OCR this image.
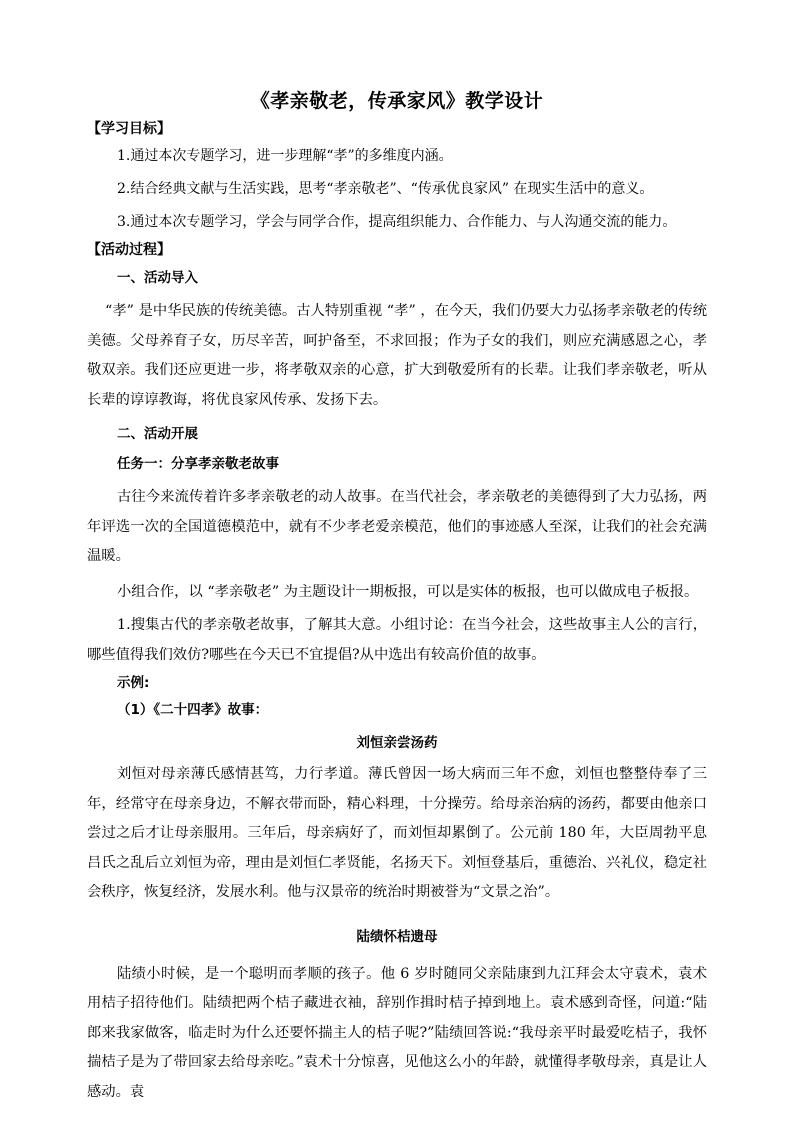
《孝亲敬老，传承家风》教学设计
【学习目标】
1.通过本次专题学习，进一步理解“孝”的多维度内涵。
2.结合经典文献与生活实践，思考“孝亲敬老”、“传承优良家风” 在现实生活中的意义。
3.通过本次专题学习，学会与同学合作，提高组织能力、合作能力、与人沟通交流的能力。
【活动过程】
一、活动导入

“孝” 是中华民族的传统美德。古人特别重视 “孝” ，在今天，我们仍要大力弘扬孝亲敬老的传统美德。父母养育子女，历尽辛苦，呵护备至，不求回报；作为子女的我们，则应充满感恩之心，孝敬双亲。我们还应更进一步，将孝敬双亲的心意，扩大到敬爱所有的长辈。让我们孝亲敬老，听从长辈的谆谆教诲，将优良家风传承、发扬下去。

二、活动开展
任务一：分享孝亲敬老故事

古往今来流传着许多孝亲敬老的动人故事。在当代社会，孝亲敬老的美德得到了大力弘扬，两年评选一次的全国道德模范中，就有不少孝老爱亲模范，他们的事迹感人至深，让我们的社会充满温暖。

小组合作，以 “孝亲敬老” 为主题设计一期板报，可以是实体的板报，也可以做成电子板报。

1.搜集古代的孝亲敬老故事，了解其大意。小组讨论：在当今社会，这些故事主人公的言行，哪些值得我们效仿?哪些在今天已不宜提倡?从中选出有较高价值的故事。

示例:
（1）《二十四孝》故事：
刘恒亲尝汤药

刘恒对母亲薄氏感情甚笃，力行孝道。薄氏曾因一场大病而三年不愈，刘恒也整整侍奉了三年，经常守在母亲身边，不解衣带而卧，精心料理，十分操劳。给母亲治病的汤药，都要由他亲口尝过之后才让母亲服用。三年后，母亲病好了，而刘恒却累倒了。公元前 180 年，大臣周勃平息吕氏之乱后立刘恒为帝，理由是刘恒仁孝贤能，名扬天下。刘恒登基后，重德治、兴礼仪，稳定社会秩序，恢复经济，发展水利。他与汉景帝的统治时期被誉为“文景之治”。

陆绩怀桔遗母

陆绩小时候，是一个聪明而孝顺的孩子。他 6 岁时随同父亲陆康到九江拜会太守袁术，袁术用桔子招待他们。陆绩把两个桔子藏进衣袖，辞别作揖时桔子掉到地上。袁术感到奇怪，问道:“陆郎来我家做客，临走时为什么还要怀揣主人的桔子呢?”陆绩回答说:“我母亲平时最爱吃桔子，我怀揣桔子是为了带回家去给母亲吃。”袁术十分惊喜，见他这么小的年龄，就懂得孝敬母亲，真是让人感动。袁
